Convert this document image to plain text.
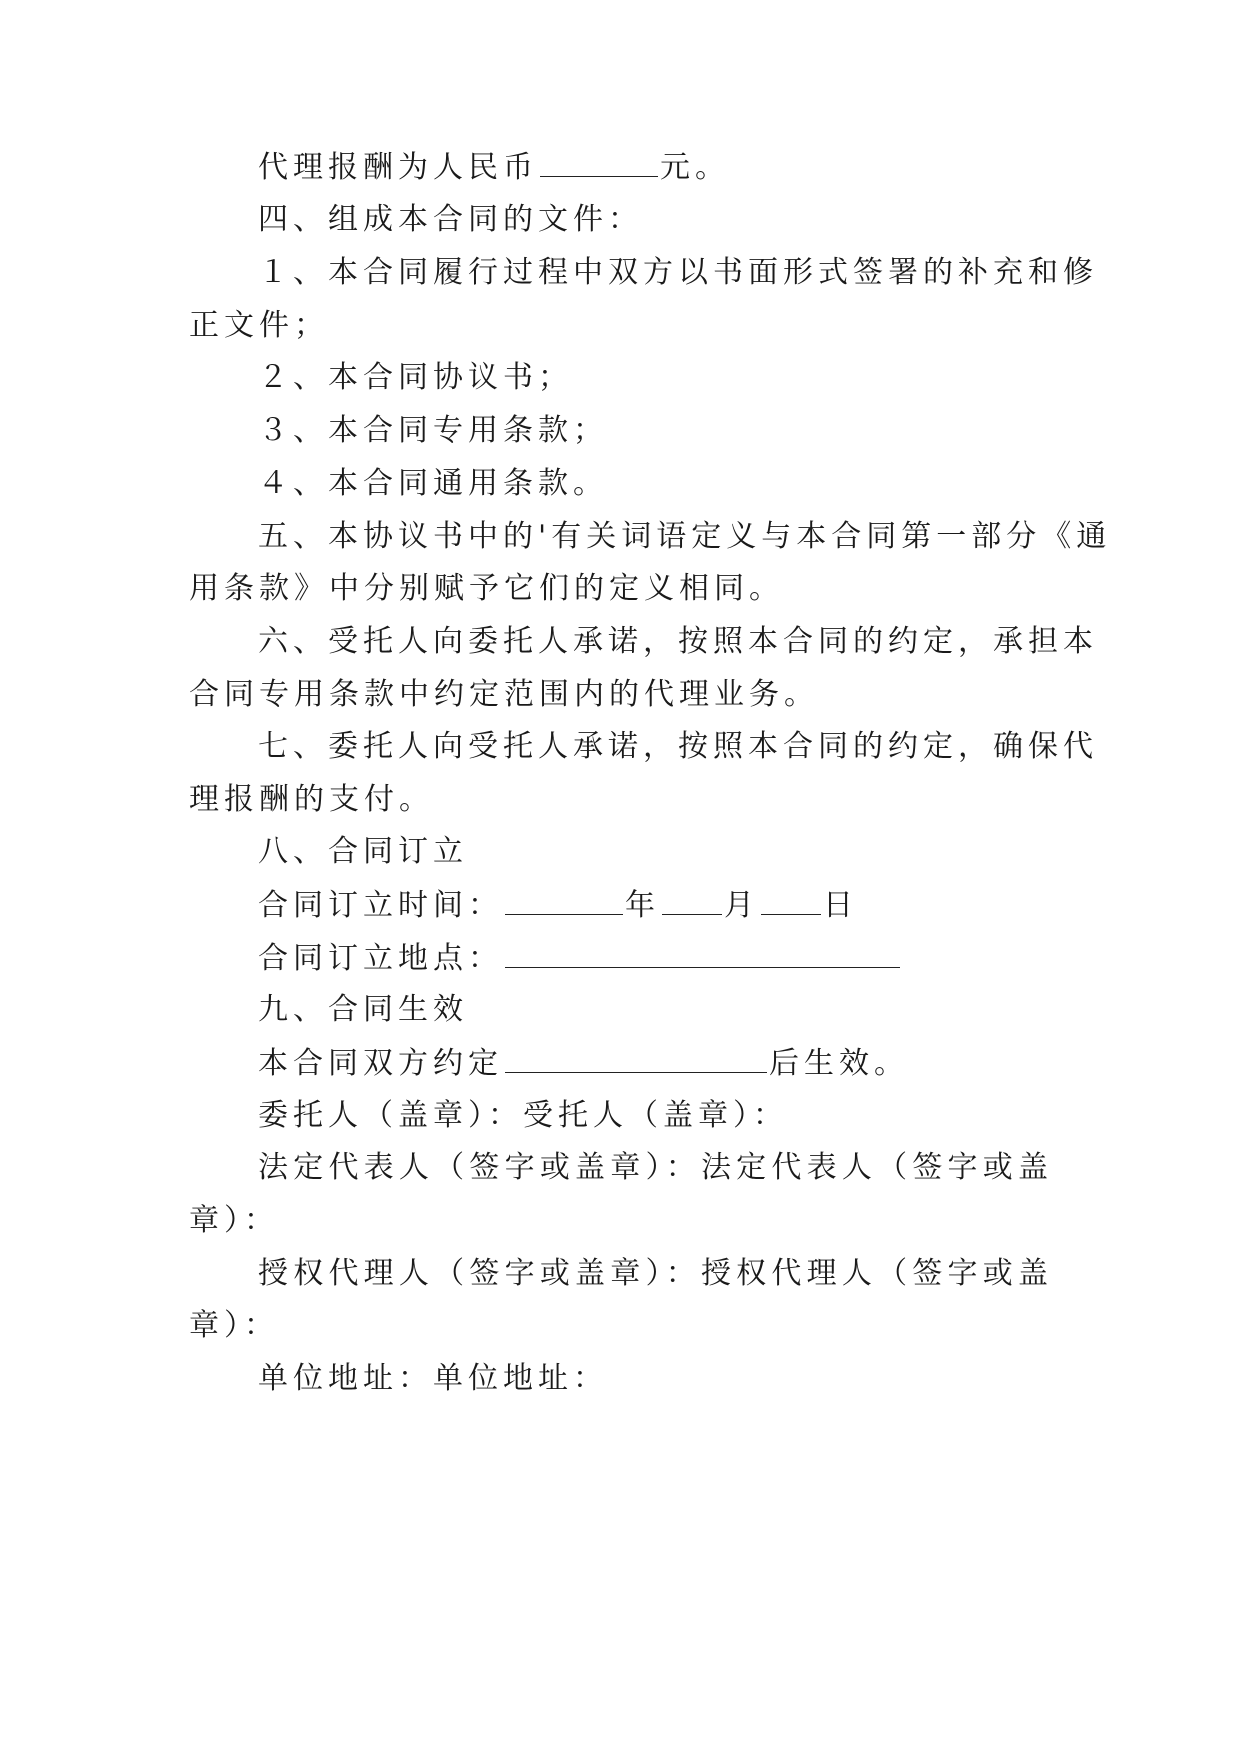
代理报酬为人民币	元。
四、组成本合同的文件：
１、本合同履行过程中双方以书面形式签署的补充和修
正文件；
２、本合同协议书；
３、本合同专用条款；
４、本合同通用条款。
五、本协议书中的'有关词语定义与本合同第一部分《通
用条款》中分别赋予它们的定义相同。
六、受托人向委托人承诺，按照本合同的约定，承担本
合同专用条款中约定范围内的代理业务。
七、委托人向受托人承诺，按照本合同的约定，确保代
理报酬的支付。
八、合同订立
合同订立时间：	年 月 日
合同订立地点：
九、合同生效
本合同双方约定	后生效。
委托人（盖章）：受托人（盖章）：
法定代表人（签字或盖章）：法定代表人（签字或盖
章）：
授权代理人（签字或盖章）：授权代理人（签字或盖
章）：
单位地址：单位地址：
